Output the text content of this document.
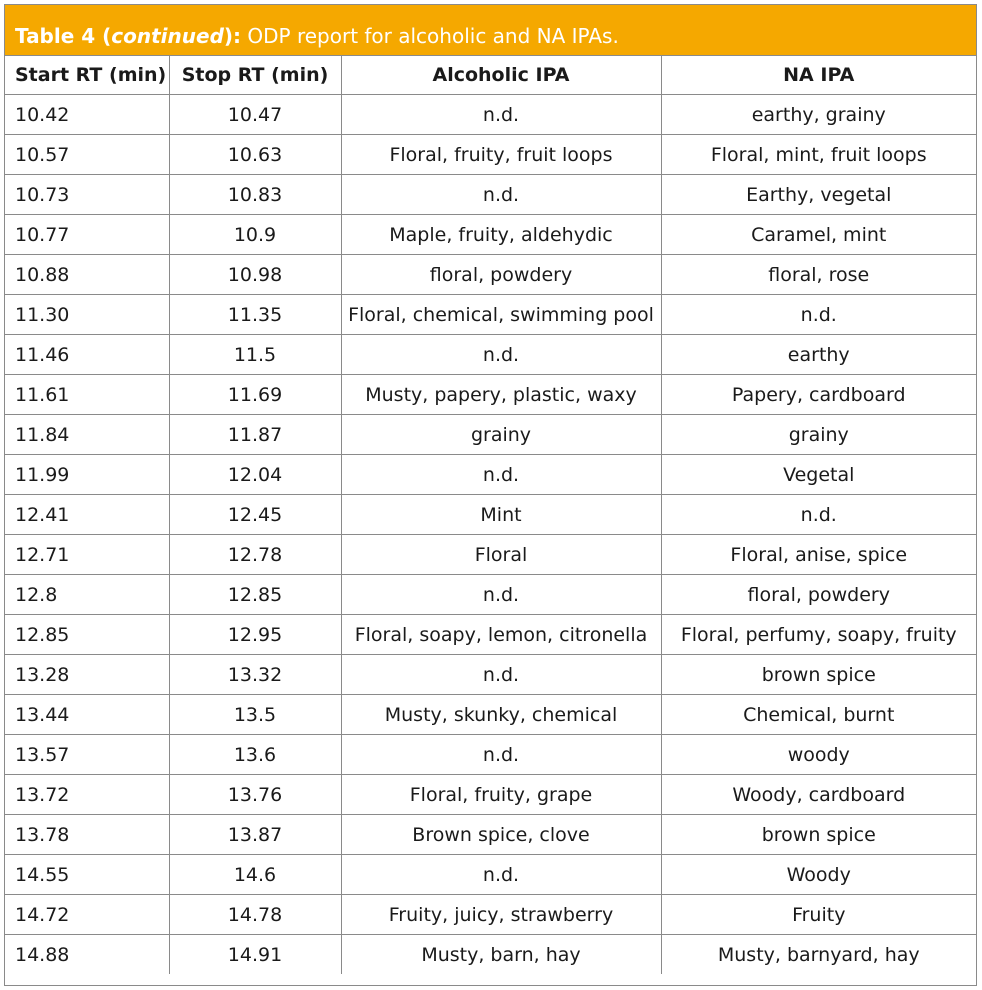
Table 4 (continued): ODP report for alcoholic and NA IPAs.
Start RT (min)	Stop RT (min)	Alcoholic IPA	NA IPA
10.42	10.47	n.d.	earthy, grainy
10.57	10.63	Floral, fruity, fruit loops	Floral, mint, fruit loops
10.73	10.83	n.d.	Earthy, vegetal
10.77	10.9	Maple, fruity, aldehydic	Caramel, mint
10.88	10.98	floral, powdery	floral, rose
11.30	11.35	Floral, chemical, swimming pool	n.d.
11.46	11.5	n.d.	earthy
11.61	11.69	Musty, papery, plastic, waxy	Papery, cardboard
11.84	11.87	grainy	grainy
11.99	12.04	n.d.	Vegetal
12.41	12.45	Mint	n.d.
12.71	12.78	Floral	Floral, anise, spice
12.8	12.85	n.d.	floral, powdery
12.85	12.95	Floral, soapy, lemon, citronella	Floral, perfumy, soapy, fruity
13.28	13.32	n.d.	brown spice
13.44	13.5	Musty, skunky, chemical	Chemical, burnt
13.57	13.6	n.d.	woody
13.72	13.76	Floral, fruity, grape	Woody, cardboard
13.78	13.87	Brown spice, clove	brown spice
14.55	14.6	n.d.	Woody
14.72	14.78	Fruity, juicy, strawberry	Fruity
14.88	14.91	Musty, barn, hay	Musty, barnyard, hay
